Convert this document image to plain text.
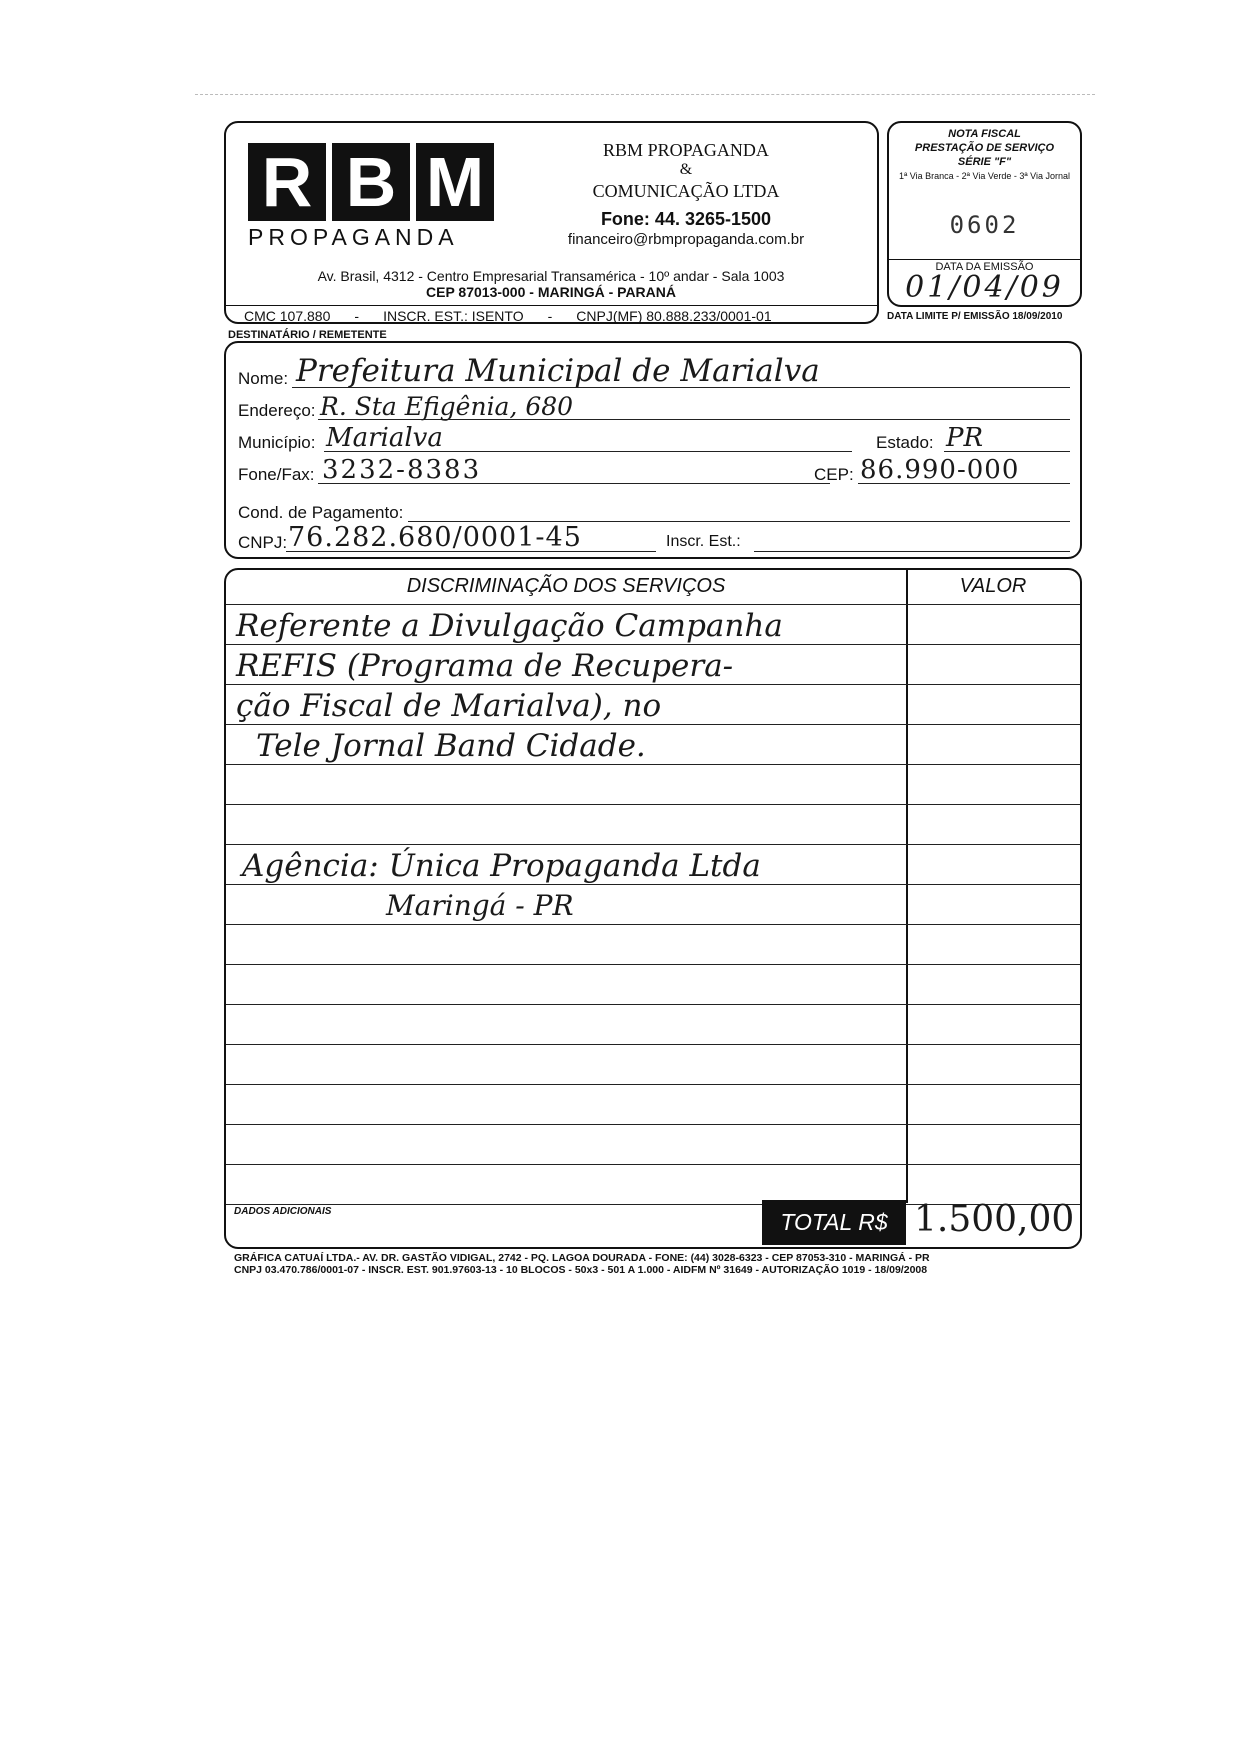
R B M
PROPAGANDA
RBM PROPAGANDA
&
COMUNICAÇÃO LTDA
Fone: 44. 3265-1500
financeiro@rbmpropaganda.com.br
Av. Brasil, 4312 - Centro Empresarial Transamérica - 10º andar - Sala 1003
CEP 87013-000 - MARINGÁ - PARANÁ
CMC 107.880 - INSCR. EST.: ISENTO - CNPJ(MF) 80.888.233/0001-01
NOTA FISCAL
PRESTAÇÃO DE SERVIÇO
SÉRIE "F"
1ª Via Branca - 2ª Via Verde - 3ª Via Jornal
0602
DATA DA EMISSÃO
01/04/09
DATA LIMITE P/ EMISSÃO 18/09/2010
DESTINATÁRIO / REMETENTE
Nome: Prefeitura Municipal de Marialva
Endereço: R. Sta Efigênia, 680
Município: Marialva	Estado: PR
Fone/Fax: 3232-8383	CEP: 86.990-000
Cond. de Pagamento:
CNPJ: 76.282.680/0001-45	Inscr. Est.:
DISCRIMINAÇÃO DOS SERVIÇOS	VALOR
Referente a Divulgação Campanha
REFIS (Programa de Recupera-
ção Fiscal de Marialva), no
Tele Jornal Band Cidade.
Agência: Única Propaganda Ltda
Maringá - PR
DADOS ADICIONAIS	TOTAL R$ 1.500,00
GRÁFICA CATUAÍ LTDA.- AV. DR. GASTÃO VIDIGAL, 2742 - PQ. LAGOA DOURADA - FONE: (44) 3028-6323 - CEP 87053-310 - MARINGÁ - PR
CNPJ 03.470.786/0001-07 - INSCR. EST. 901.97603-13 - 10 BLOCOS - 50x3 - 501 A 1.000 - AIDFM Nº 31649 - AUTORIZAÇÃO 1019 - 18/09/2008
